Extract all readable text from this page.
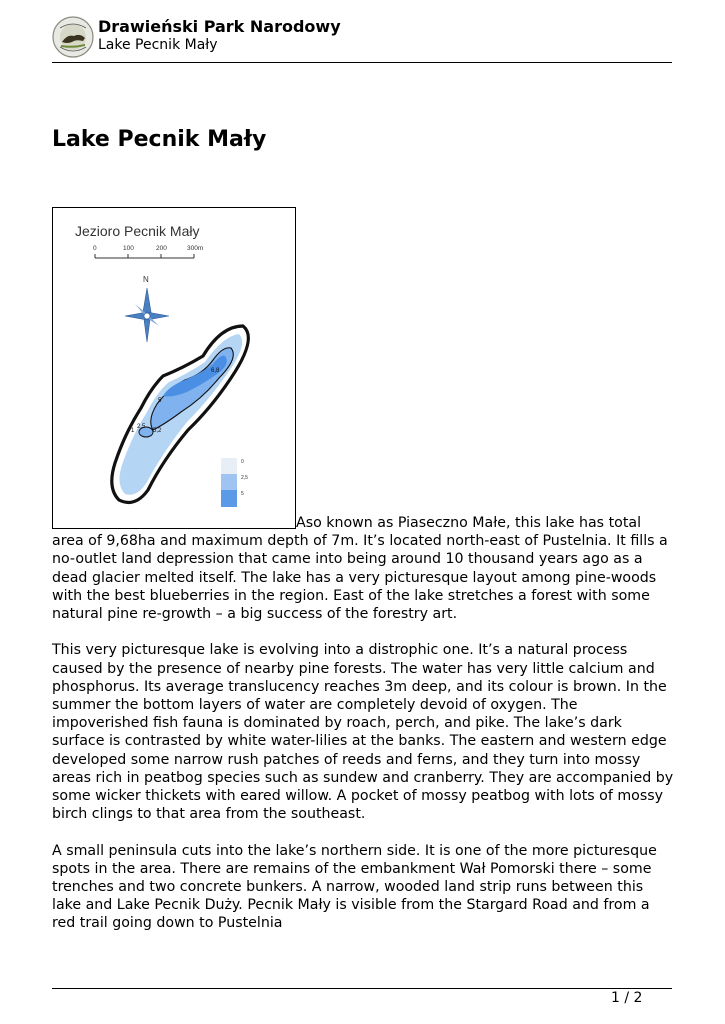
Drawieński Park Narodowy
Lake Pecnik Mały
Lake Pecnik Mały
Jezioro Pecnik Mały
0	100	200	300m
N
6,8
5
2,5
5,2
1
0
2,5
5

Aso known as Piaseczno Małe, this lake has total area of 9,68ha and maximum depth of 7m. It’s located north-east of Pustelnia. It fills a no-outlet land depression that came into being around 10 thousand years ago as a dead glacier melted itself. The lake has a very picturesque layout among pine-woods with the best blueberries in the region. East of the lake stretches a forest with some natural pine re-growth – a big success of the forestry art.

This very picturesque lake is evolving into a distrophic one. It’s a natural process caused by the presence of nearby pine forests. The water has very little calcium and phosphorus. Its average translucency reaches 3m deep, and its colour is brown. In the summer the bottom layers of water are completely devoid of oxygen. The impoverished fish fauna is dominated by roach, perch, and pike. The lake’s dark surface is contrasted by white water-lilies at the banks. The eastern and western edge developed some narrow rush patches of reeds and ferns, and they turn into mossy areas rich in peatbog species such as sundew and cranberry. They are accompanied by some wicker thickets with eared willow. A pocket of mossy peatbog with lots of mossy birch clings to that area from the southeast.

A small peninsula cuts into the lake’s northern side. It is one of the more picturesque spots in the area. There are remains of the embankment Wał Pomorski there – some trenches and two concrete bunkers. A narrow, wooded land strip runs between this lake and Lake Pecnik Duży. Pecnik Mały is visible from the Stargard Road and from a red trail going down to Pustelnia

1 / 2
